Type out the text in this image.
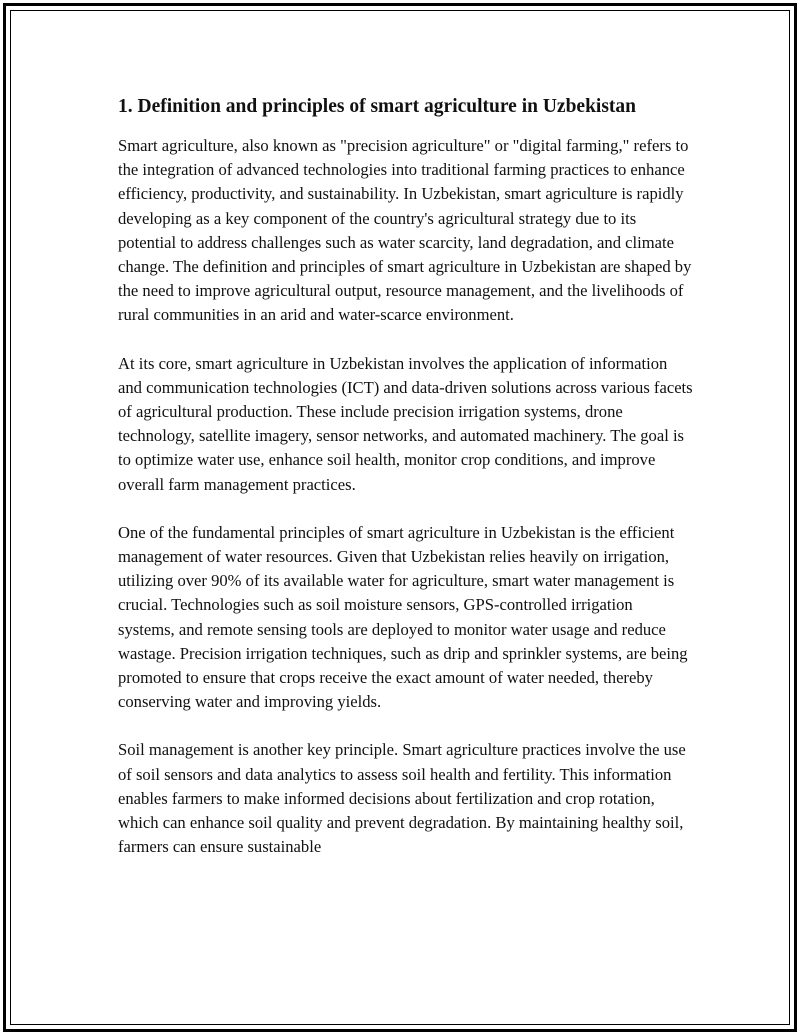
1. Definition and principles of smart agriculture in Uzbekistan

Smart agriculture, also known as "precision agriculture" or "digital farming," refers to the integration of advanced technologies into traditional farming practices to enhance efficiency, productivity, and sustainability. In Uzbekistan, smart agriculture is rapidly developing as a key component of the country's agricultural strategy due to its potential to address challenges such as water scarcity, land degradation, and climate change. The definition and principles of smart agriculture in Uzbekistan are shaped by the need to improve agricultural output, resource management, and the livelihoods of rural communities in an arid and water-scarce environment.

At its core, smart agriculture in Uzbekistan involves the application of information and communication technologies (ICT) and data-driven solutions across various facets of agricultural production. These include precision irrigation systems, drone technology, satellite imagery, sensor networks, and automated machinery. The goal is to optimize water use, enhance soil health, monitor crop conditions, and improve overall farm management practices.

One of the fundamental principles of smart agriculture in Uzbekistan is the efficient management of water resources. Given that Uzbekistan relies heavily on irrigation, utilizing over 90% of its available water for agriculture, smart water management is crucial. Technologies such as soil moisture sensors, GPS-controlled irrigation systems, and remote sensing tools are deployed to monitor water usage and reduce wastage. Precision irrigation techniques, such as drip and sprinkler systems, are being promoted to ensure that crops receive the exact amount of water needed, thereby conserving water and improving yields.

Soil management is another key principle. Smart agriculture practices involve the use of soil sensors and data analytics to assess soil health and fertility. This information enables farmers to make informed decisions about fertilization and crop rotation, which can enhance soil quality and prevent degradation. By maintaining healthy soil, farmers can ensure sustainable
